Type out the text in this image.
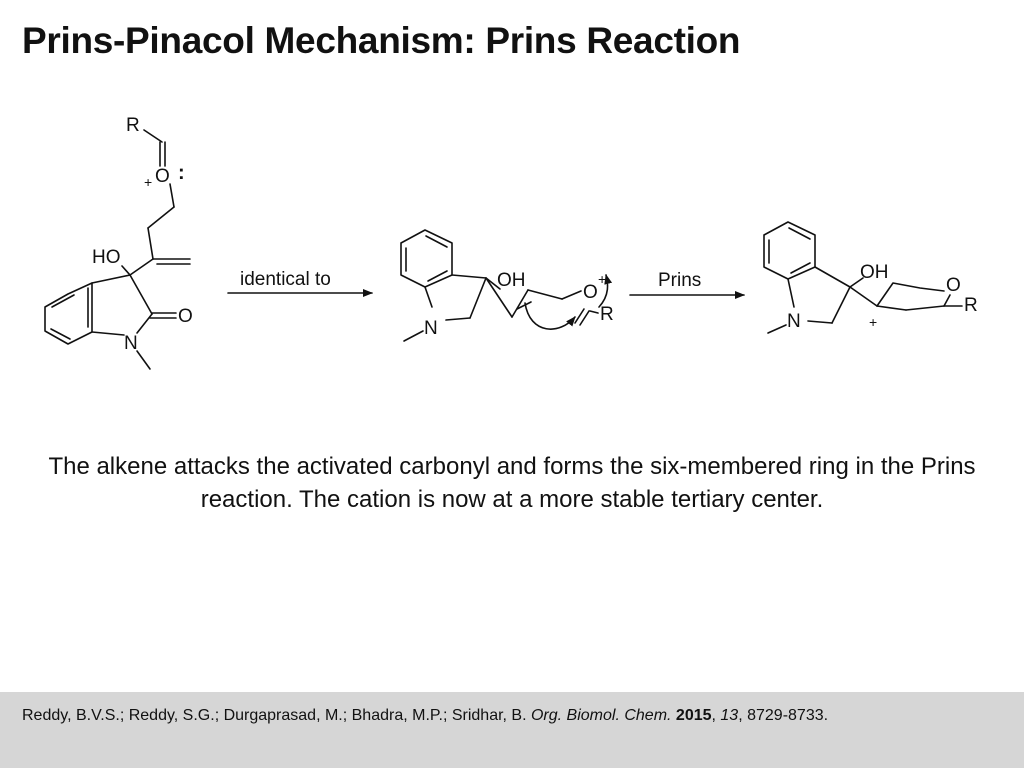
Prins-Pinacol Mechanism: Prins Reaction
R
O
+ :
HO
O
N
identical to	OH
O
+
R
N
Prins	OH
O
R
+
N
The alkene attacks the activated carbonyl and forms the six-membered ring in the Prins reaction. The cation is now at a more stable tertiary center.
Reddy, B.V.S.; Reddy, S.G.; Durgaprasad, M.; Bhadra, M.P.; Sridhar, B. Org. Biomol. Chem. 2015, 13, 8729-8733.
